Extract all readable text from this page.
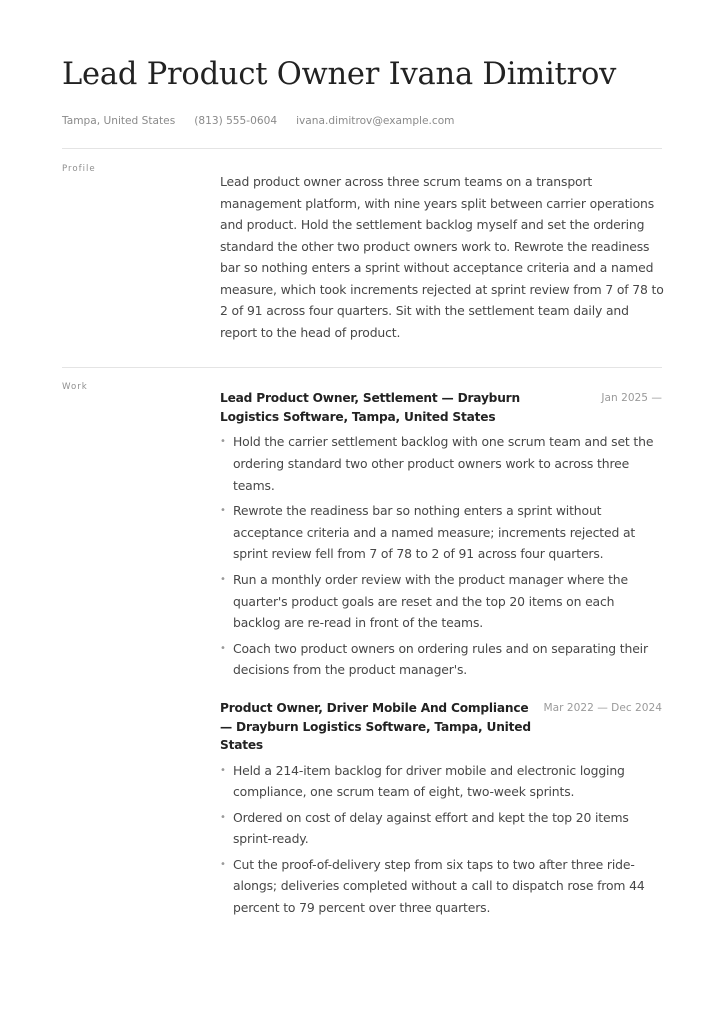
Lead Product Owner Ivana Dimitrov
Tampa, United States (813) 555-0604 ivana.dimitrov@example.com
Profile
Lead product owner across three scrum teams on a transport management platform, with nine years split between carrier operations and product. Hold the settlement backlog myself and set the ordering standard the other two product owners work to. Rewrote the readiness bar so nothing enters a sprint without acceptance criteria and a named measure, which took increments rejected at sprint review from 7 of 78 to 2 of 91 across four quarters. Sit with the settlement team daily and report to the head of product.
Work
Lead Product Owner, Settlement — Drayburn Logistics Software, Tampa, United States
Jan 2025 —
• Hold the carrier settlement backlog with one scrum team and set the ordering standard two other product owners work to across three teams.
• Rewrote the readiness bar so nothing enters a sprint without acceptance criteria and a named measure; increments rejected at sprint review fell from 7 of 78 to 2 of 91 across four quarters.
• Run a monthly order review with the product manager where the quarter's product goals are reset and the top 20 items on each backlog are re-read in front of the teams.
• Coach two product owners on ordering rules and on separating their decisions from the product manager's.
Product Owner, Driver Mobile And Compliance — Drayburn Logistics Software, Tampa, United States
Mar 2022 — Dec 2024
• Held a 214-item backlog for driver mobile and electronic logging compliance, one scrum team of eight, two-week sprints.
• Ordered on cost of delay against effort and kept the top 20 items sprint-ready.
• Cut the proof-of-delivery step from six taps to two after three ride-alongs; deliveries completed without a call to dispatch rose from 44 percent to 79 percent over three quarters.
